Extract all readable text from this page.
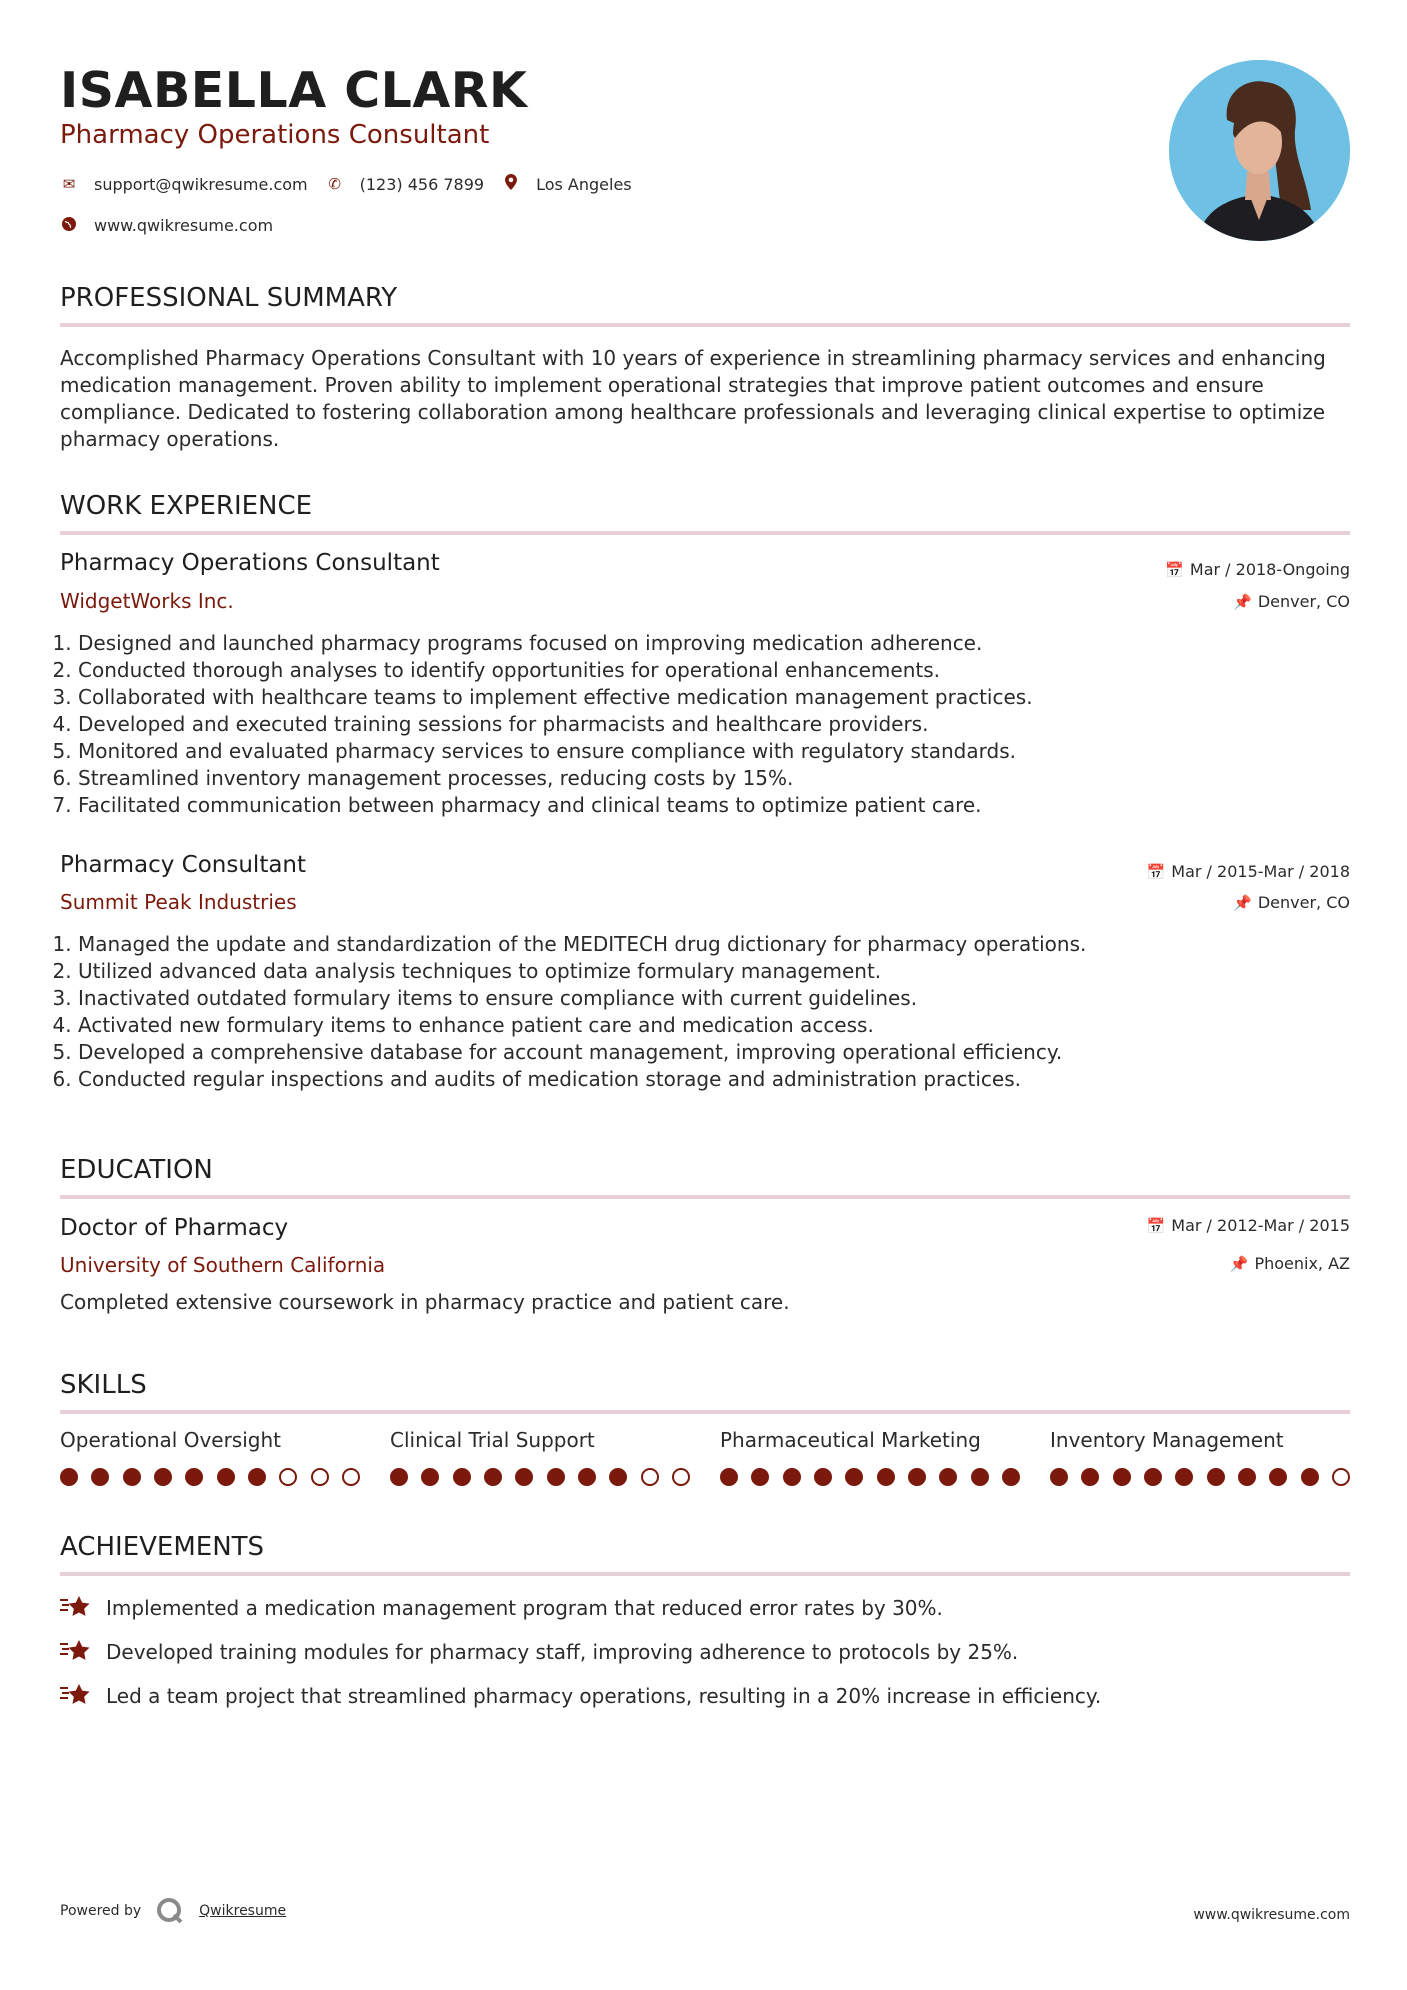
ISABELLA CLARK
Pharmacy Operations Consultant
✉ support@qwikresume.com ✆ (123) 456 7899	Los Angeles
www.qwikresume.com
PROFESSIONAL SUMMARY

Accomplished Pharmacy Operations Consultant with 10 years of experience in streamlining pharmacy services and enhancing medication management. Proven ability to implement operational strategies that improve patient outcomes and ensure compliance. Dedicated to fostering collaboration among healthcare professionals and leveraging clinical expertise to optimize pharmacy operations.

WORK EXPERIENCE
Pharmacy Operations Consultant
WidgetWorks Inc.
📅 Mar / 2018-Ongoing
📌 Denver, CO
1. Designed and launched pharmacy programs focused on improving medication adherence.
2. Conducted thorough analyses to identify opportunities for operational enhancements.
3. Collaborated with healthcare teams to implement effective medication management practices.
4. Developed and executed training sessions for pharmacists and healthcare providers.
5. Monitored and evaluated pharmacy services to ensure compliance with regulatory standards.
6. Streamlined inventory management processes, reducing costs by 15%.
7. Facilitated communication between pharmacy and clinical teams to optimize patient care.
Pharmacy Consultant
Summit Peak Industries
📅 Mar / 2015-Mar / 2018
📌 Denver, CO
1. Managed the update and standardization of the MEDITECH drug dictionary for pharmacy operations.
2. Utilized advanced data analysis techniques to optimize formulary management.
3. Inactivated outdated formulary items to ensure compliance with current guidelines.
4. Activated new formulary items to enhance patient care and medication access.
5. Developed a comprehensive database for account management, improving operational efficiency.
6. Conducted regular inspections and audits of medication storage and administration practices.
EDUCATION
Doctor of Pharmacy
University of Southern California
📅 Mar / 2012-Mar / 2015
📌 Phoenix, AZ

Completed extensive coursework in pharmacy practice and patient care.

SKILLS
Operational Oversight	Clinical Trial Support	Pharmaceutical Marketing	Inventory Management
ACHIEVEMENTS
Implemented a medication management program that reduced error rates by 30%.
Developed training modules for pharmacy staff, improving adherence to protocols by 25%.
Led a team project that streamlined pharmacy operations, resulting in a 20% increase in efficiency.
Powered by	Qwikresume	www.qwikresume.com
